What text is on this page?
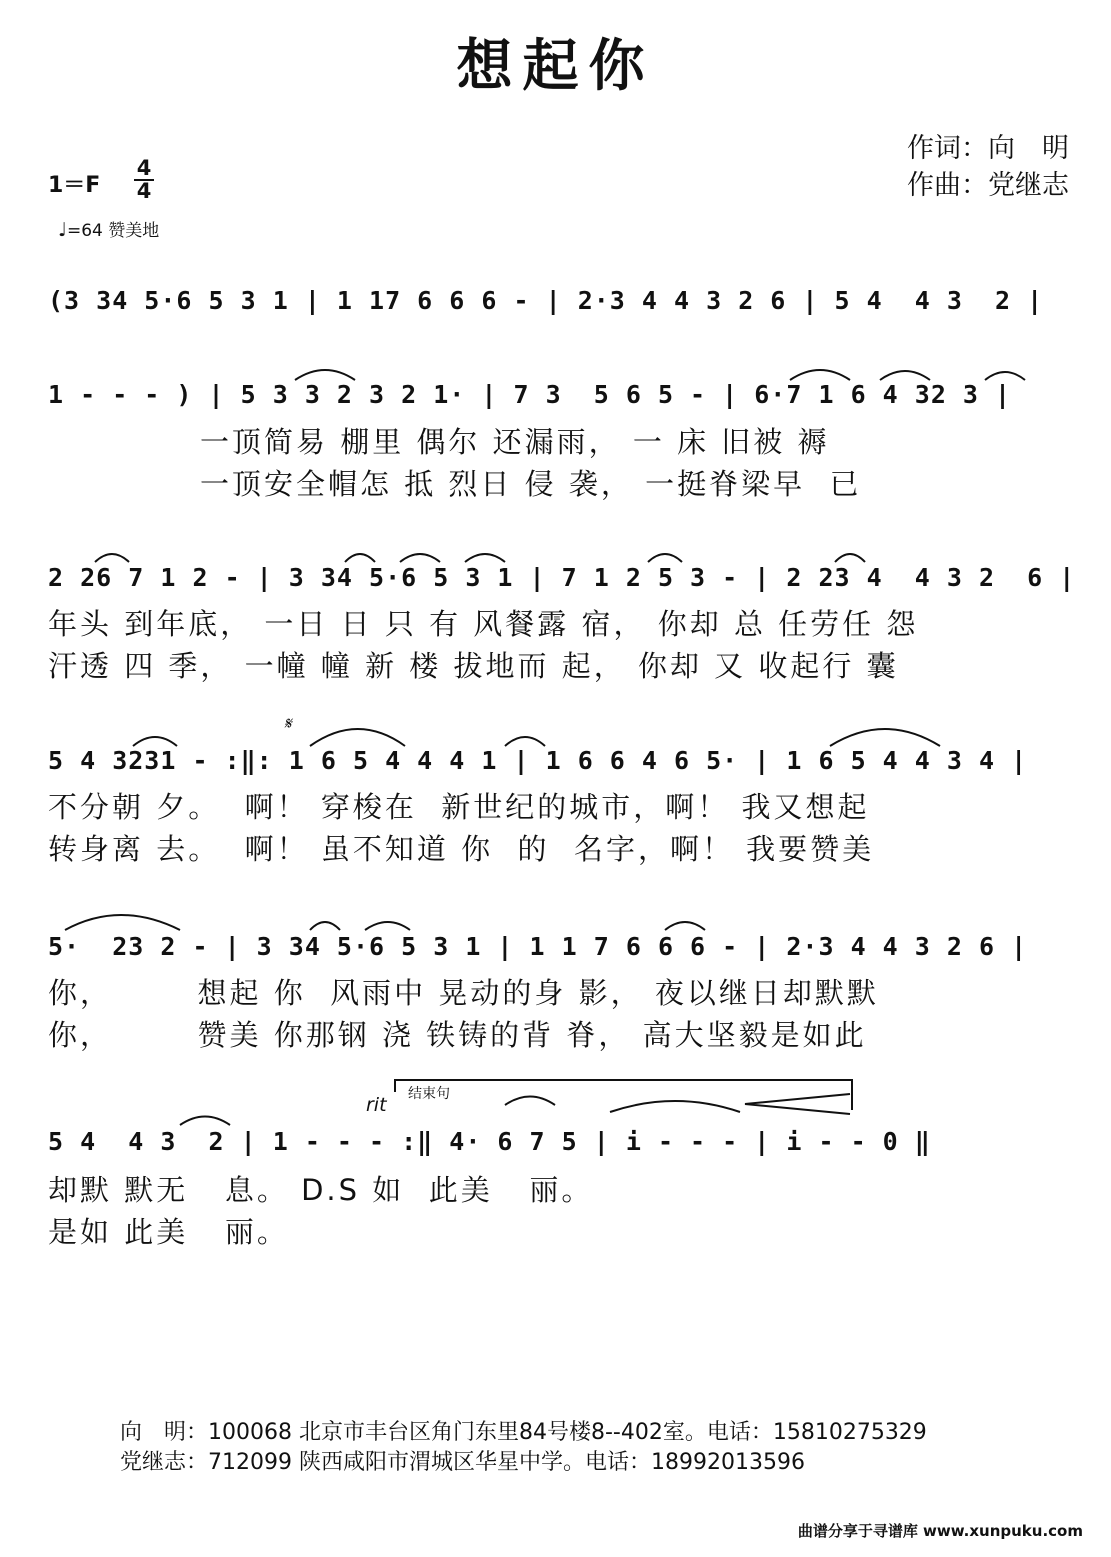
想起你
作词：向　明
作曲：党继志
1＝F
4
4
♩=64 赞美地
(3 34 5·6 5 3 1 | 1 17 6 6 6 - | 2·3 4 4 3 2 6 | 5 4  4 3  2 |
1 - - - ) | 5 3 3 2 3 2 1· | 7 3  5 6 5 - | 6·7 1 6 4 32 3 |
一顶简易 棚里 偶尔 还漏雨， 一 床 旧被 褥
一顶安全帽怎 抵 烈日 侵 袭， 一挺脊梁早  已
2 26 7 1 2 - | 3 34 5·6 5 3 1 | 7 1 2 5 3 - | 2 23 4  4 3 2  6 |
年头 到年底， 一日 日 只 有 风餐露 宿， 你却 总 任劳任 怨
汗透 四 季， 一幢 幢 新 楼 拔地而 起， 你却 又 收起行 囊
𝄋
5 4 3231 - :‖: 1 6 5 4 4 4 1 | 1 6 6 4 6 5· | 1 6 5 4 4 3 4 |
不分朝 夕。  啊！ 穿梭在  新世纪的城市，啊！ 我又想起
转身离 去。  啊！ 虽不知道 你  的  名字，啊！ 我要赞美
5·  23 2 - | 3 34 5·6 5 3 1 | 1 1 7 6 6 6 - | 2·3 4 4 3 2 6 |
你，       想起 你  风雨中 晃动的身 影， 夜以继日却默默
你，       赞美 你那钢 浇 铁铸的背 脊， 高大坚毅是如此
rit 结束句
5 4  4 3  2 | 1 - - - :‖ 4· 6 7 5 | i - - - | i - - 0 ‖
却默 默无   息。 D.S 如  此美   丽。
是如 此美   丽。
向　明：100068 北京市丰台区角门东里84号楼8--402室。电话：15810275329
党继志：712099 陕西咸阳市渭城区华星中学。电话：18992013596
曲谱分享于寻谱库 www.xunpuku.com
